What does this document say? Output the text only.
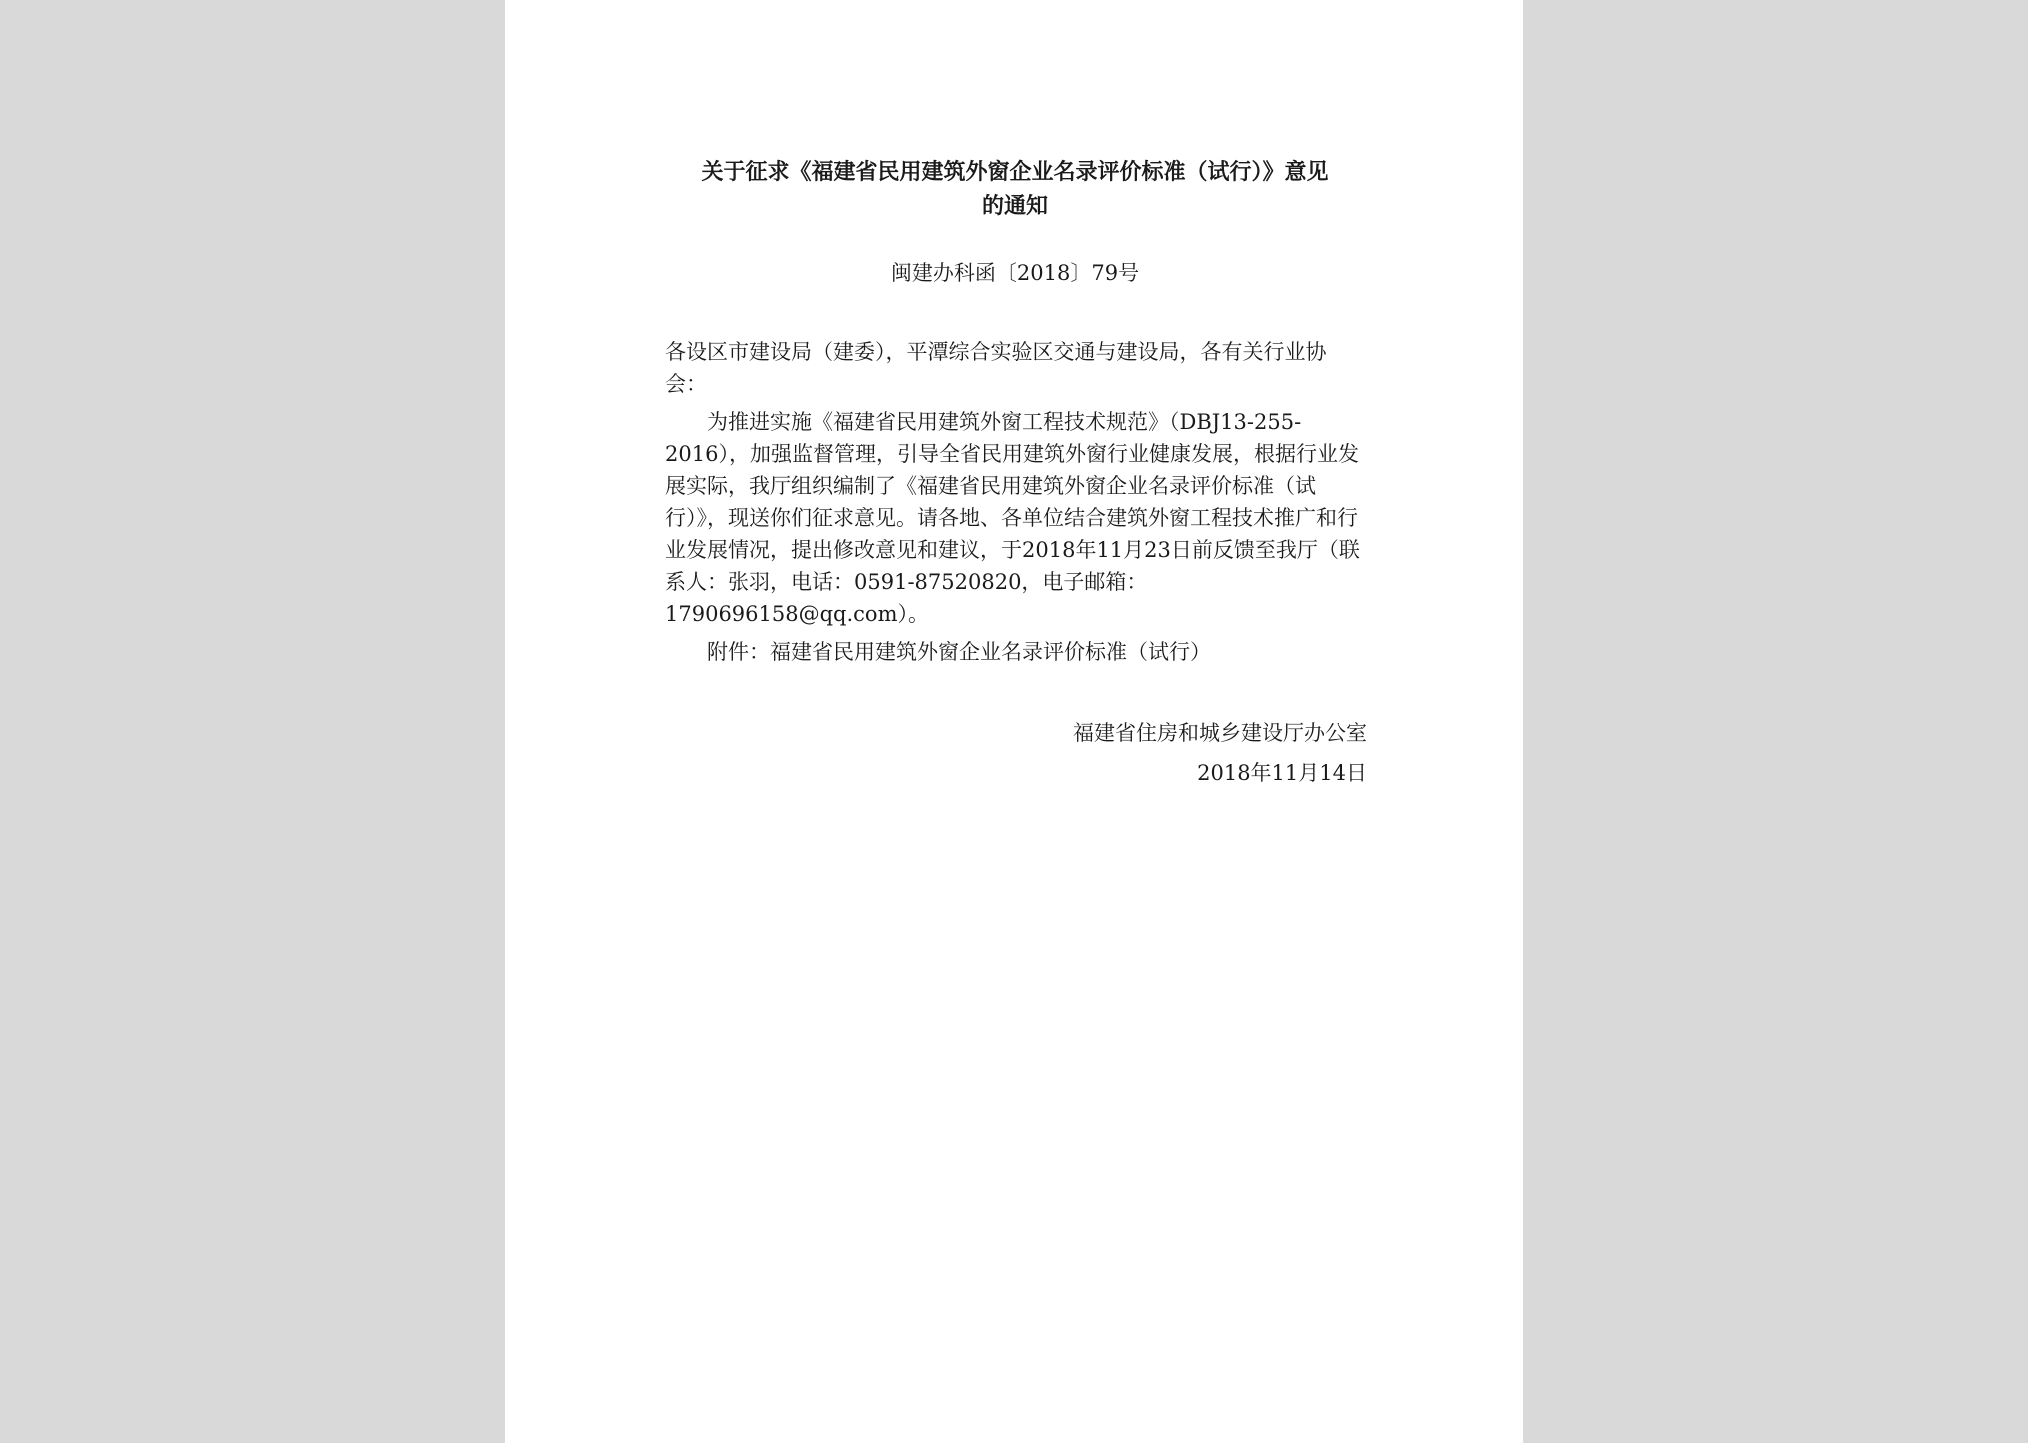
关于征求《福建省民用建筑外窗企业名录评价标准（试行）》意见
的通知
闽建办科函〔2018〕79号

各设区市建设局（建委），平潭综合实验区交通与建设局，各有关行业协会：

为推进实施《福建省民用建筑外窗工程技术规范》（DBJ13-255-2016），加强监督管理，引导全省民用建筑外窗行业健康发展，根据行业发展实际，我厅组织编制了《福建省民用建筑外窗企业名录评价标准（试行）》，现送你们征求意见。请各地、各单位结合建筑外窗工程技术推广和行业发展情况，提出修改意见和建议，于2018年11月23日前反馈至我厅（联系人：张羽，电话：0591-87520820，电子邮箱：1790696158@qq.com）。

附件：福建省民用建筑外窗企业名录评价标准（试行）

福建省住房和城乡建设厅办公室
2018年11月14日
